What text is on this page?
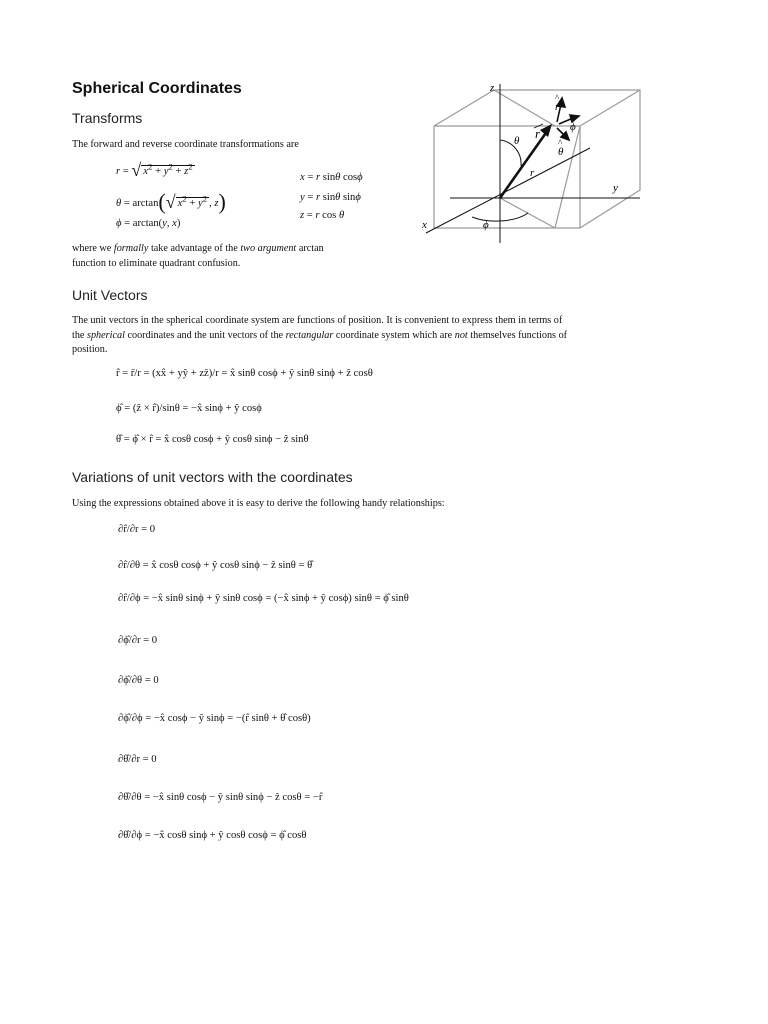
Spherical Coordinates
Transforms
The forward and reverse coordinate transformations are
r = √ $x^2 + y^2 + z^2$
θ = arctan(√ $x^2 + y^2$ , z)
ϕ = arctan(y, x)
x = r sinθ cosϕ
y = r sinθ sinϕ
z = r cos θ
where we formally take advantage of the two argument arctan
function to eliminate quadrant confusion.
z
y
x
θ
ϕ
r
r
r
^
ϕ
^
θ
^
Unit Vectors
The unit vectors in the spherical coordinate system are functions of position. It is convenient to express them in terms of
the spherical coordinates and the unit vectors of the rectangular coordinate system which are not themselves functions of
position.
r̂ = r̄/r = (xx̂ + yŷ + zẑ)/r = x̂ sinθ cosϕ + ŷ sinθ sinϕ + ẑ cosθ
ϕ̂ = (ẑ × r̂)/sinθ = −x̂ sinϕ + ŷ cosϕ
θ̂ = ϕ̂ × r̂ = x̂ cosθ cosϕ + ŷ cosθ sinϕ − ẑ sinθ
Variations of unit vectors with the coordinates
Using the expressions obtained above it is easy to derive the following handy relationships:
∂r̂/∂r = 0
∂r̂/∂θ = x̂ cosθ cosϕ + ŷ cosθ sinϕ − ẑ sinθ = θ̂
∂r̂/∂ϕ = −x̂ sinθ sinϕ + ŷ sinθ cosϕ = (−x̂ sinϕ + ŷ cosϕ) sinθ = ϕ̂ sinθ
∂ϕ̂/∂r = 0
∂ϕ̂/∂θ = 0
∂ϕ̂/∂ϕ = −x̂ cosϕ − ŷ sinϕ = −(r̂ sinθ + θ̂ cosθ)
∂θ̂/∂r = 0
∂θ̂/∂θ = −x̂ sinθ cosϕ − ŷ sinθ sinϕ − ẑ cosθ = −r̂
∂θ̂/∂ϕ = −x̂ cosθ sinϕ + ŷ cosθ cosϕ = ϕ̂ cosθ
